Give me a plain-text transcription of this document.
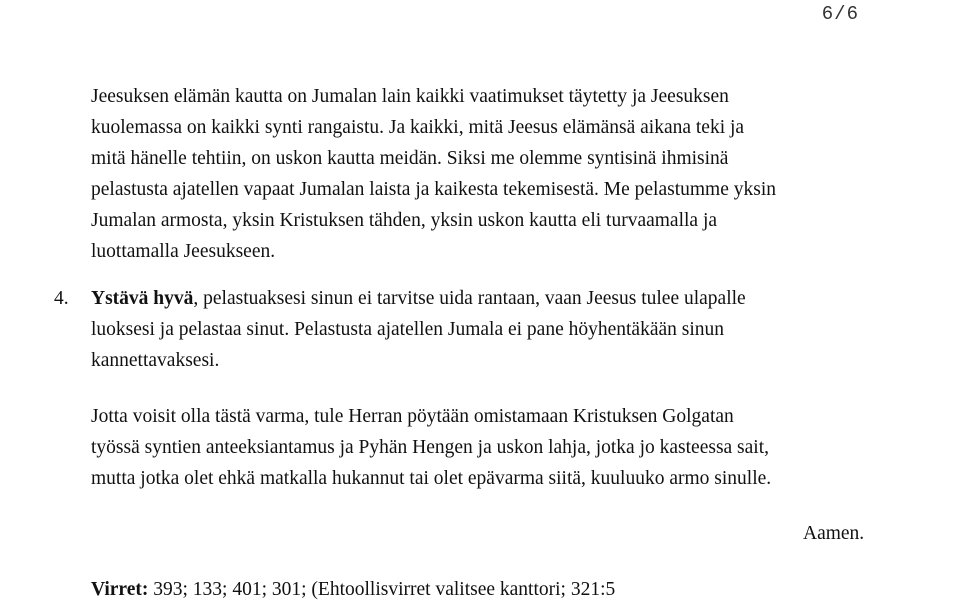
6/6

Jeesuksen elämän kautta on Jumalan lain kaikki vaatimukset täytetty ja Jeesuksen
kuolemassa on kaikki synti rangaistu. Ja kaikki, mitä Jeesus elämänsä aikana teki ja
mitä hänelle tehtiin, on uskon kautta meidän. Siksi me olemme syntisinä ihmisinä
pelastusta ajatellen vapaat Jumalan laista ja kaikesta tekemisestä. Me pelastumme yksin
Jumalan armosta, yksin Kristuksen tähden, yksin uskon kautta eli turvaamalla ja
luottamalla Jeesukseen.

4. Ystävä hyvä, pelastuaksesi sinun ei tarvitse uida rantaan, vaan Jeesus tulee ulapalle
luoksesi ja pelastaa sinut. Pelastusta ajatellen Jumala ei pane höyhentäkään sinun
kannettavaksesi.

Jotta voisit olla tästä varma, tule Herran pöytään omistamaan Kristuksen Golgatan
työssä syntien anteeksiantamus ja Pyhän Hengen ja uskon lahja, jotka jo kasteessa sait,
mutta jotka olet ehkä matkalla hukannut tai olet epävarma siitä, kuuluuko armo sinulle.

Aamen.
Virret: 393; 133; 401; 301; (Ehtoollisvirret valitsee kanttori; 321:5
